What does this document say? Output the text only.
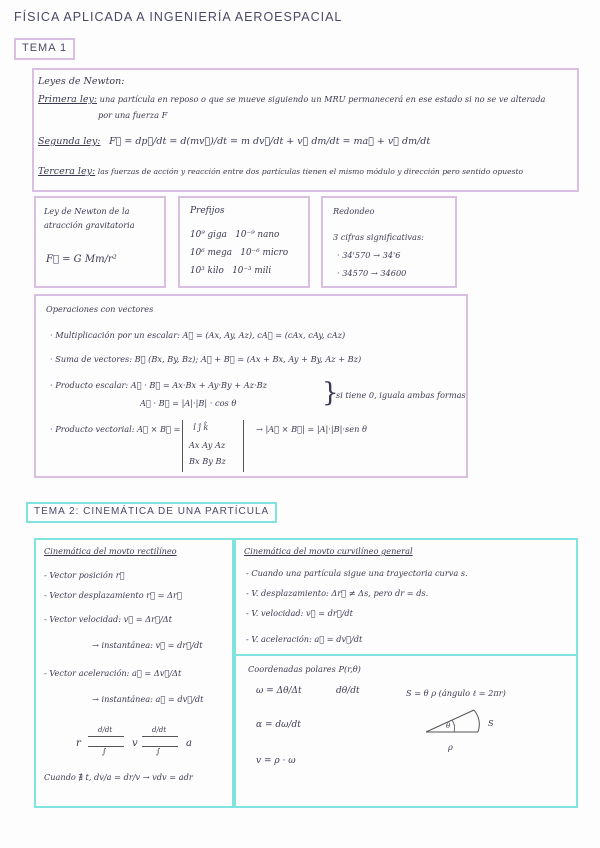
FÍSICA APLICADA A INGENIERÍA AEROESPACIAL
TEMA 1
Leyes de Newton:
Primera ley: una partícula en reposo o que se mueve siguiendo un MRU permanecerá en ese estado si no se ve alterada
por una fuerza F
Segunda ley: F⃗ = dp⃗/dt = d(mv⃗)/dt = m dv⃗/dt + v⃗ dm/dt = ma⃗ + v⃗ dm/dt
Tercera ley: las fuerzas de acción y reacción entre dos partículas tienen el mismo módulo y dirección pero sentido opuesto
Ley de Newton de la
atracción gravitatoria
F⃗ = G Mm/r²
Prefijos
10⁹ giga 10⁻⁹ nano
10⁶ mega 10⁻⁶ micro
10³ kilo 10⁻³ mili
Redondeo
3 cifras significativas:
· 34'570 → 34'6
· 34570 → 34600
Operaciones con vectores
· Multiplicación por un escalar: A⃗ = (Ax, Ay, Az), cA⃗ = (cAx, cAy, cAz)
· Suma de vectores: B⃗ (Bx, By, Bz); A⃗ + B⃗ = (Ax + Bx, Ay + By, Az + Bz)
· Producto escalar: A⃗ · B⃗ = Ax·Bx + Ay·By + Az·Bz
A⃗ · B⃗ = |A|·|B| · cos θ	}
si tiene 0, iguala ambas formas
· Producto vectorial: A⃗ × B⃗ = î ĵ k̂
Ax Ay Az
Bx By Bz
→ |A⃗ × B⃗| = |A|·|B|·sen θ
TEMA 2: CINEMÁTICA DE UNA PARTÍCULA
Cinemática del movto rectilíneo
- Vector posición r⃗
- Vector desplazamiento r⃗ = Δr⃗
- Vector velocidad: v⃗ = Δr⃗/Δt
→ instantánea: v⃗ = dr⃗/dt
- Vector aceleración: a⃗ = Δv⃗/Δt
→ instantánea: a⃗ = dv⃗/dt
r	v	a
d/dt	d/dt
∫	∫
Cuando ∄ t, dv/a = dr/v → vdv = adr
Cinemática del movto curvilíneo general
- Cuando una partícula sigue una trayectoria curva s.
- V. desplazamiento: Δr⃗ ≠ Δs, pero dr = ds.
- V. velocidad: v⃗ = dr⃗/dt
- V. aceleración: a⃗ = dv⃗/dt
Coordenadas polares P(r,θ)
ω = Δθ/Δt	dθ/dt
α = dω/dt
v = ρ · ω
S = θ ρ (ángulo ℓ = 2πr)
S
θ
ρ
